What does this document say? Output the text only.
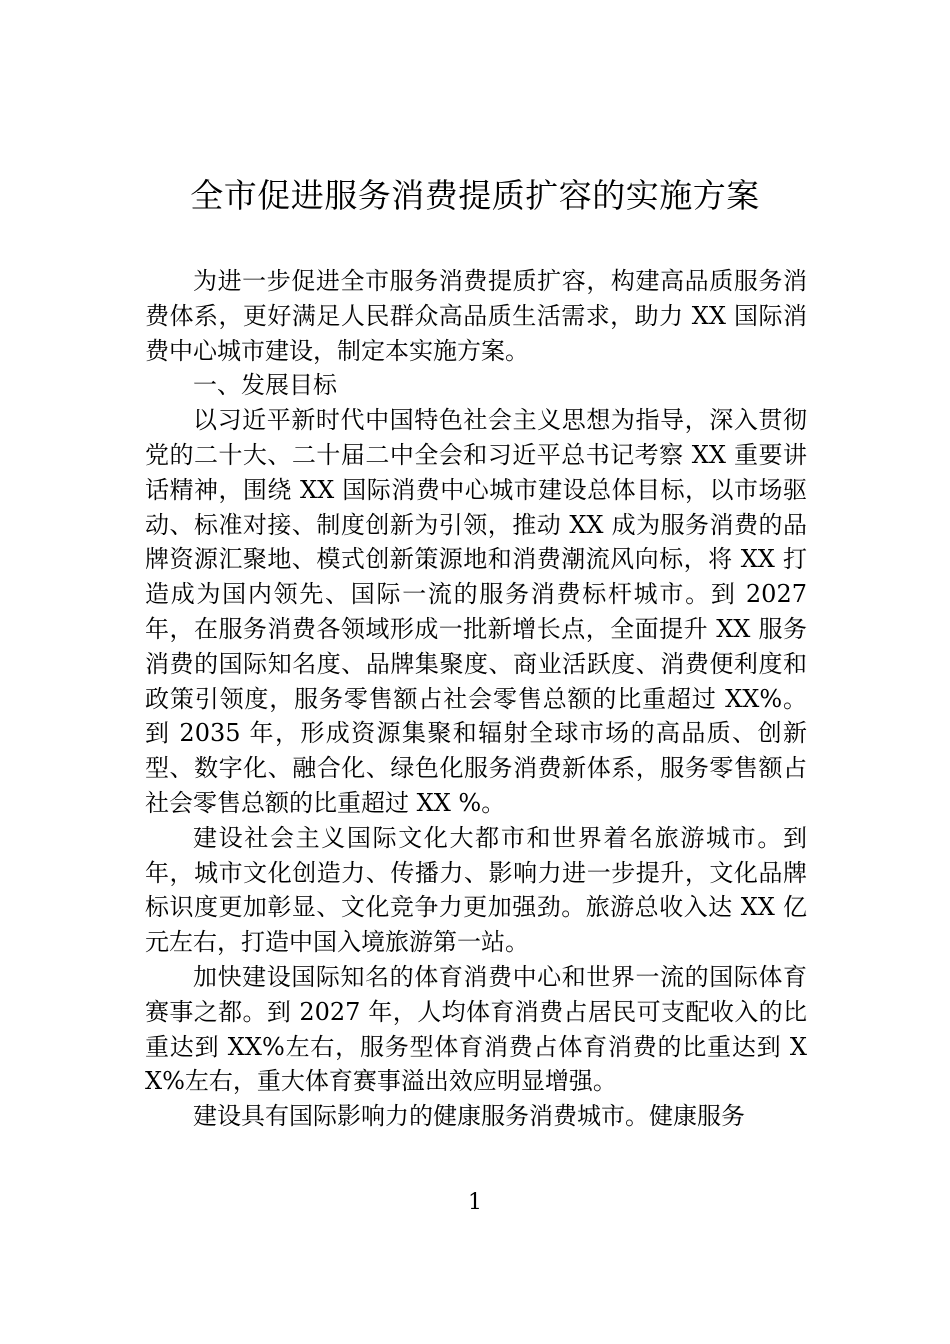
全市促进服务消费提质扩容的实施方案

为进一步促进全市服务消费提质扩容，构建高品质服务消费体系，更好满足人民群众高品质生活需求，助力 XX 国际消费中心城市建设，制定本实施方案。

一、发展目标

以习近平新时代中国特色社会主义思想为指导，深入贯彻党的二十大、二十届二中全会和习近平总书记考察 XX 重要讲话精神，围绕 XX 国际消费中心城市建设总体目标，以市场驱动、标准对接、制度创新为引领，推动 XX 成为服务消费的品牌资源汇聚地、模式创新策源地和消费潮流风向标，将 XX 打造成为国内领先、国际一流的服务消费标杆城市。到 2027 年，在服务消费各领域形成一批新增长点，全面提升 XX 服务消费的国际知名度、品牌集聚度、商业活跃度、消费便利度和政策引领度，服务零售额占社会零售总额的比重超过 XX%。到 2035 年，形成资源集聚和辐射全球市场的高品质、创新型、数字化、融合化、绿色化服务消费新体系，服务零售额占社会零售总额的比重超过 XX %。

建设社会主义国际文化大都市和世界着名旅游城市。到年，城市文化创造力、传播力、影响力进一步提升，文化品牌标识度更加彰显、文化竞争力更加强劲。旅游总收入达 XX 亿元左右，打造中国入境旅游第一站。

加快建设国际知名的体育消费中心和世界一流的国际体育赛事之都。到 2027 年，人均体育消费占居民可支配收入的比重达到 XX%左右，服务型体育消费占体育消费的比重达到 XX%左右，重大体育赛事溢出效应明显增强。

建设具有国际影响力的健康服务消费城市。健康服务

1
